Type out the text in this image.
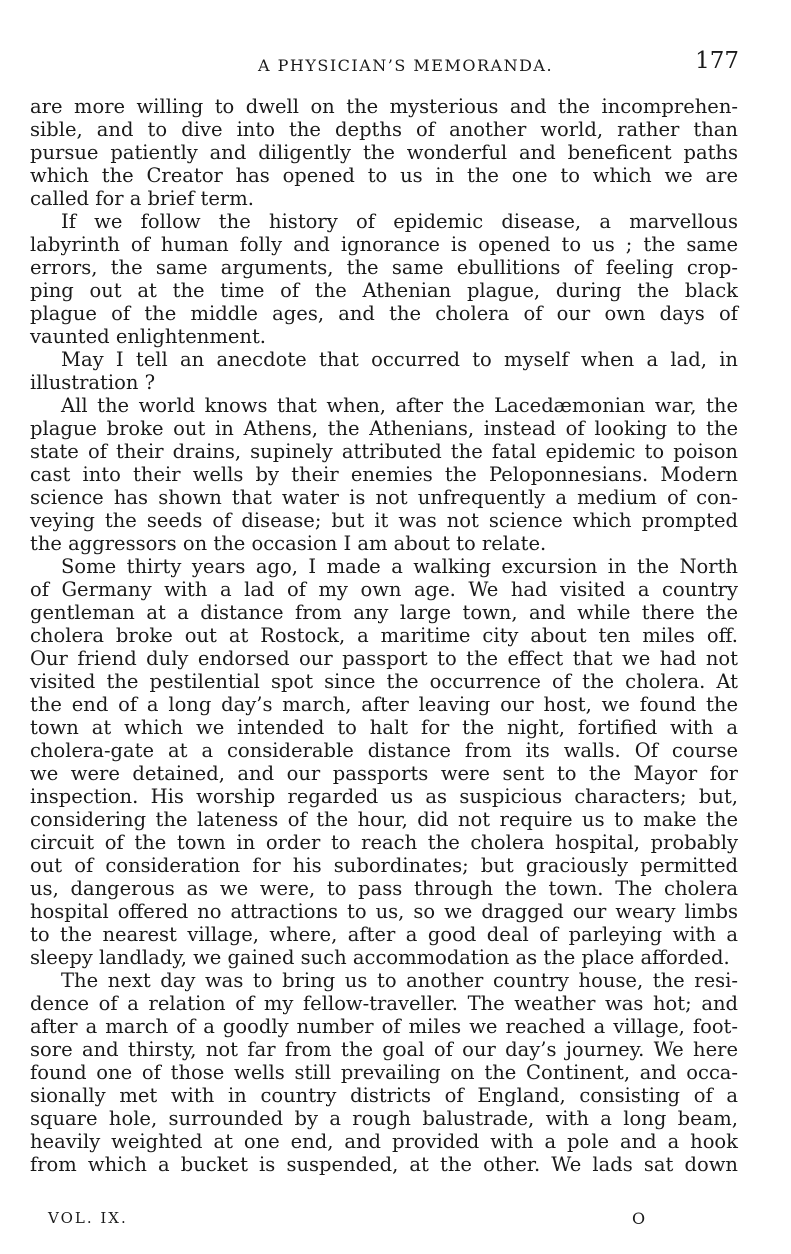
A PHYSICIAN’S MEMORANDA.	177
are more willing to dwell on the mysterious and the incomprehen-
sible, and to dive into the depths of another world, rather than
pursue patiently and diligently the wonderful and beneficent paths
which the Creator has opened to us in the one to which we are
called for a brief term.
If we follow the history of epidemic disease, a marvellous
labyrinth of human folly and ignorance is opened to us ; the same
errors, the same arguments, the same ebullitions of feeling crop-
ping out at the time of the Athenian plague, during the black
plague of the middle ages, and the cholera of our own days of
vaunted enlightenment.
May I tell an anecdote that occurred to myself when a lad, in
illustration ?
All the world knows that when, after the Lacedæmonian war, the
plague broke out in Athens, the Athenians, instead of looking to the
state of their drains, supinely attributed the fatal epidemic to poison
cast into their wells by their enemies the Peloponnesians. Modern
science has shown that water is not unfrequently a medium of con-
veying the seeds of disease; but it was not science which prompted
the aggressors on the occasion I am about to relate.
Some thirty years ago, I made a walking excursion in the North
of Germany with a lad of my own age. We had visited a country
gentleman at a distance from any large town, and while there the
cholera broke out at Rostock, a maritime city about ten miles off.
Our friend duly endorsed our passport to the effect that we had not
visited the pestilential spot since the occurrence of the cholera. At
the end of a long day’s march, after leaving our host, we found the
town at which we intended to halt for the night, fortified with a
cholera-gate at a considerable distance from its walls. Of course
we were detained, and our passports were sent to the Mayor for
inspection. His worship regarded us as suspicious characters; but,
considering the lateness of the hour, did not require us to make the
circuit of the town in order to reach the cholera hospital, probably
out of consideration for his subordinates; but graciously permitted
us, dangerous as we were, to pass through the town. The cholera
hospital offered no attractions to us, so we dragged our weary limbs
to the nearest village, where, after a good deal of parleying with a
sleepy landlady, we gained such accommodation as the place afforded.
The next day was to bring us to another country house, the resi-
dence of a relation of my fellow-traveller. The weather was hot; and
after a march of a goodly number of miles we reached a village, foot-
sore and thirsty, not far from the goal of our day’s journey. We here
found one of those wells still prevailing on the Continent, and occa-
sionally met with in country districts of England, consisting of a
square hole, surrounded by a rough balustrade, with a long beam,
heavily weighted at one end, and provided with a pole and a hook
from which a bucket is suspended, at the other. We lads sat down
VOL. IX.	O
